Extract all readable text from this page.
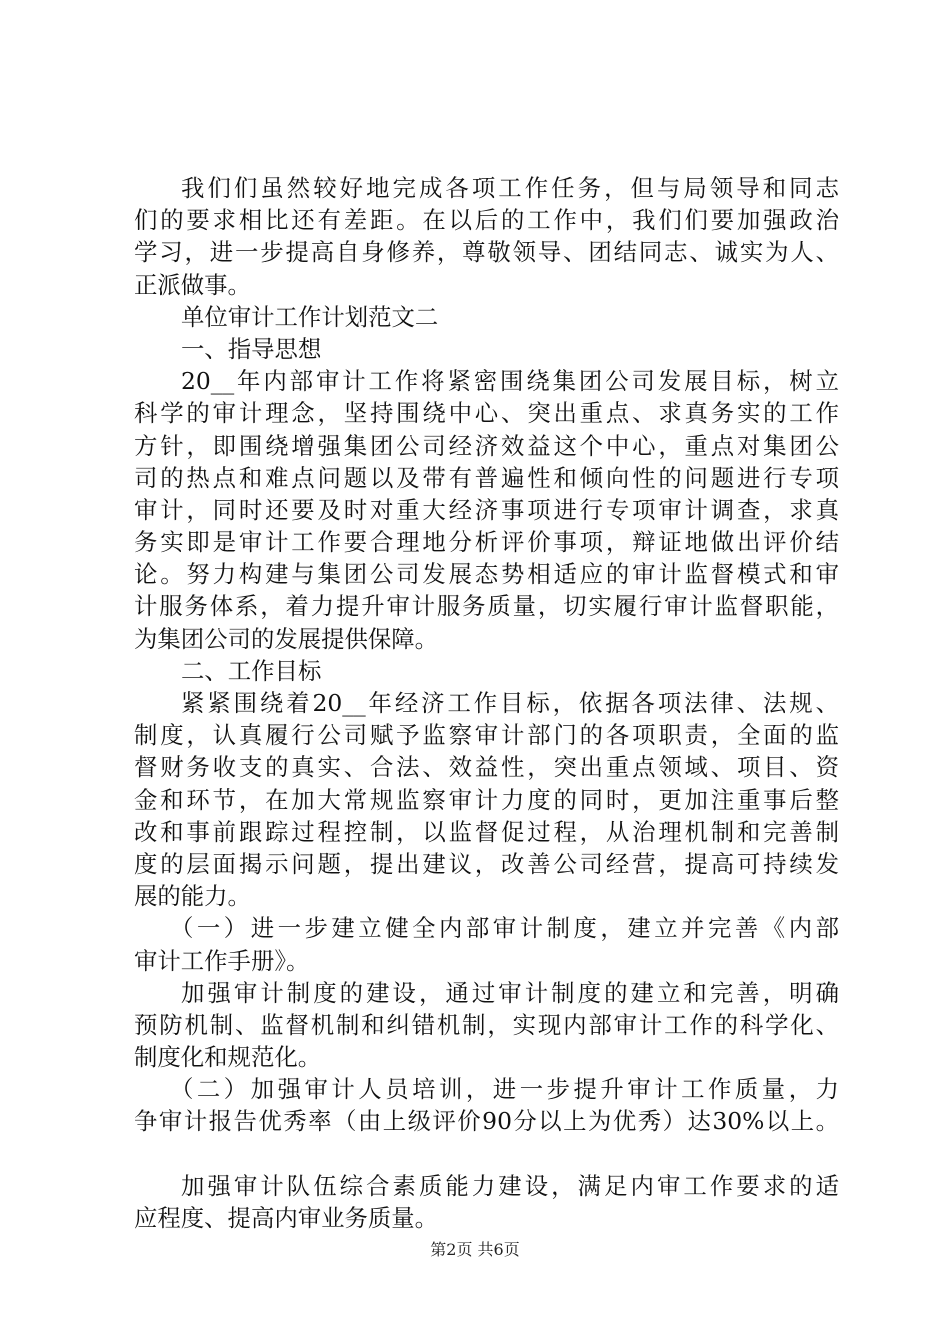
我们们虽然较好地完成各项工作任务，但与局领导和同志
们的要求相比还有差距。在以后的工作中，我们们要加强政治
学习，进一步提高自身修养，尊敬领导、团结同志、诚实为人、
正派做事。
单位审计工作计划范文二
一、指导思想
20__年内部审计工作将紧密围绕集团公司发展目标，树立
科学的审计理念，坚持围绕中心、突出重点、求真务实的工作
方针，即围绕增强集团公司经济效益这个中心，重点对集团公
司的热点和难点问题以及带有普遍性和倾向性的问题进行专项
审计，同时还要及时对重大经济事项进行专项审计调查，求真
务实即是审计工作要合理地分析评价事项，辩证地做出评价结
论。努力构建与集团公司发展态势相适应的审计监督模式和审
计服务体系，着力提升审计服务质量，切实履行审计监督职能，
为集团公司的发展提供保障。
二、工作目标
紧紧围绕着20__年经济工作目标，依据各项法律、法规、
制度，认真履行公司赋予监察审计部门的各项职责，全面的监
督财务收支的真实、合法、效益性，突出重点领域、项目、资
金和环节，在加大常规监察审计力度的同时，更加注重事后整
改和事前跟踪过程控制，以监督促过程，从治理机制和完善制
度的层面揭示问题，提出建议，改善公司经营，提高可持续发
展的能力。
（一）进一步建立健全内部审计制度，建立并完善《内部
审计工作手册》。
加强审计制度的建设，通过审计制度的建立和完善，明确
预防机制、监督机制和纠错机制，实现内部审计工作的科学化、
制度化和规范化。
（二）加强审计人员培训，进一步提升审计工作质量，力
争审计报告优秀率（由上级评价90分以上为优秀）达30%以上。
加强审计队伍综合素质能力建设，满足内审工作要求的适
应程度、提高内审业务质量。
第2页 共6页
